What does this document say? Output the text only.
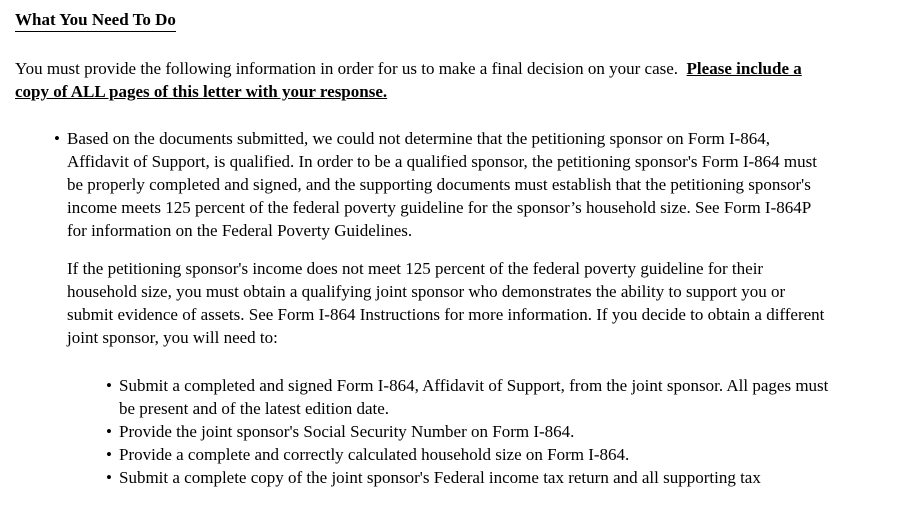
What You Need To Do
You must provide the following information in order for us to make a final decision on your case. Please include a
copy of ALL pages of this letter with your response.
• Based on the documents submitted, we could not determine that the petitioning sponsor on Form I-864,
Affidavit of Support, is qualified. In order to be a qualified sponsor, the petitioning sponsor's Form I-864 must
be properly completed and signed, and the supporting documents must establish that the petitioning sponsor's
income meets 125 percent of the federal poverty guideline for the sponsor’s household size. See Form I-864P
for information on the Federal Poverty Guidelines.
If the petitioning sponsor's income does not meet 125 percent of the federal poverty guideline for their
household size, you must obtain a qualifying joint sponsor who demonstrates the ability to support you or
submit evidence of assets. See Form I-864 Instructions for more information. If you decide to obtain a different
joint sponsor, you will need to:
• Submit a completed and signed Form I-864, Affidavit of Support, from the joint sponsor. All pages must
be present and of the latest edition date.
• Provide the joint sponsor's Social Security Number on Form I-864.
• Provide a complete and correctly calculated household size on Form I-864.
• Submit a complete copy of the joint sponsor's Federal income tax return and all supporting tax
